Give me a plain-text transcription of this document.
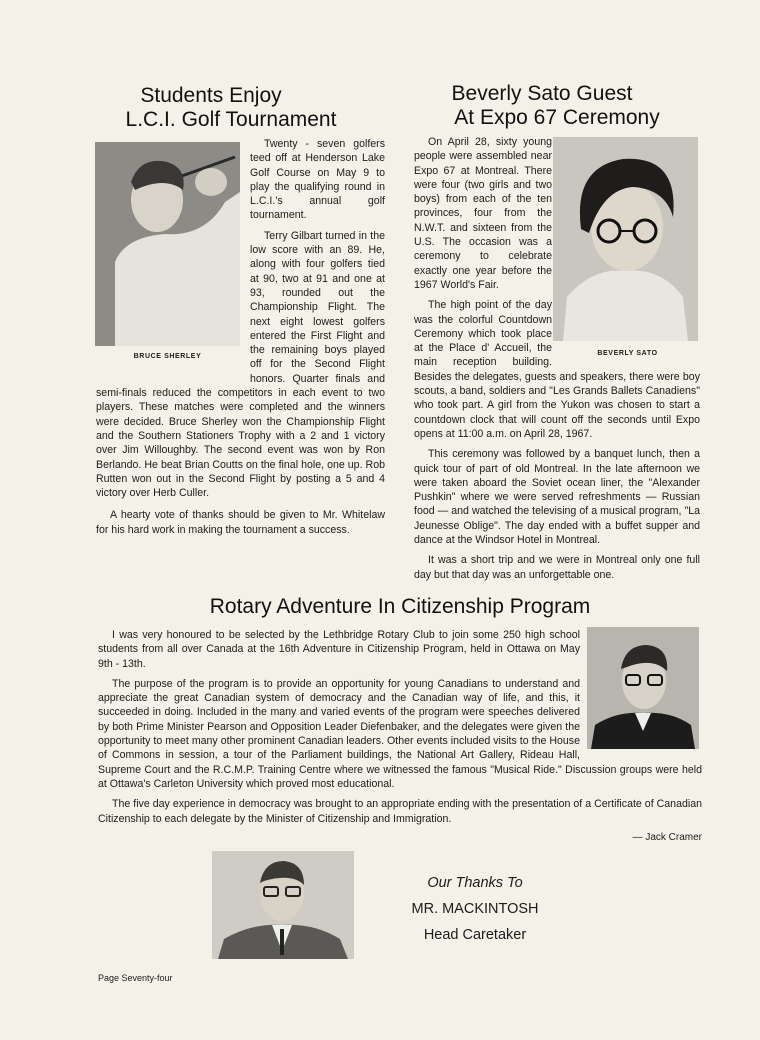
Students Enjoy
L.C.I. Golf Tournament
BRUCE SHERLEY

Twenty - seven golfers teed off at Henderson Lake Golf Course on May 9 to play the qualifying round in L.C.I.'s annual golf tournament.

Terry Gilbart turned in the low score with an 89. He, along with four golfers tied at 90, two at 91 and one at 93, rounded out the Championship Flight. The next eight lowest golfers entered the First Flight and the remaining boys played off for the Second Flight honors. Quarter finals and semi-finals reduced the competitors in each event to two players. These matches were completed and the winners were decided. Bruce Sherley won the Championship Flight and the Southern Stationers Trophy with a 2 and 1 victory over Jim Willoughby. The second event was won by Ron Berlando. He beat Brian Coutts on the final hole, one up. Rob Rutten won out in the Second Flight by posting a 5 and 4 victory over Herb Culler.

A hearty vote of thanks should be given to Mr. Whitelaw for his hard work in making the tournament a success.

Beverly Sato Guest
At Expo 67 Ceremony
BEVERLY SATO

On April 28, sixty young people were assembled near Expo 67 at Montreal. There were four (two girls and two boys) from each of the ten provinces, four from the N.W.T. and sixteen from the U.S. The occasion was a ceremony to celebrate exactly one year before the 1967 World's Fair.

The high point of the day was the colorful Countdown Ceremony which took place at the Place d' Accueil, the main reception building. Besides the delegates, guests and speakers, there were boy scouts, a band, soldiers and "Les Grands Ballets Canadiens" who took part. A girl from the Yukon was chosen to start a countdown clock that will count off the seconds until Expo opens at 11:00 a.m. on April 28, 1967.

This ceremony was followed by a banquet lunch, then a quick tour of part of old Montreal. In the late afternoon we were taken aboard the Soviet ocean liner, the "Alexander Pushkin" where we were served refreshments — Russian food — and watched the televising of a musical program, "La Jeunesse Oblige". The day ended with a buffet supper and dance at the Windsor Hotel in Montreal.

It was a short trip and we were in Montreal only one full day but that day was an unforgettable one.

Rotary Adventure In Citizenship Program

I was very honoured to be selected by the Lethbridge Rotary Club to join some 250 high school students from all over Canada at the 16th Adventure in Citizenship Program, held in Ottawa on May 9th - 13th.

The purpose of the program is to provide an opportunity for young Canadians to understand and appreciate the great Canadian system of democracy and the Canadian way of life, and this, it succeeded in doing. Included in the many and varied events of the program were speeches delivered by both Prime Minister Pearson and Opposition Leader Diefenbaker, and the delegates were given the opportunity to meet many other prominent Canadian leaders. Other events included visits to the House of Commons in session, a tour of the Parliament buildings, the National Art Gallery, Rideau Hall, Supreme Court and the R.C.M.P. Training Centre where we witnessed the famous "Musical Ride." Discussion groups were held at Ottawa's Carleton University which proved most educational.

The five day experience in democracy was brought to an appropriate ending with the presentation of a Certificate of Canadian Citizenship to each delegate by the Minister of Citizenship and Immigration.

— Jack Cramer
Our Thanks To
MR. MACKINTOSH
Head Caretaker
Page Seventy-four
